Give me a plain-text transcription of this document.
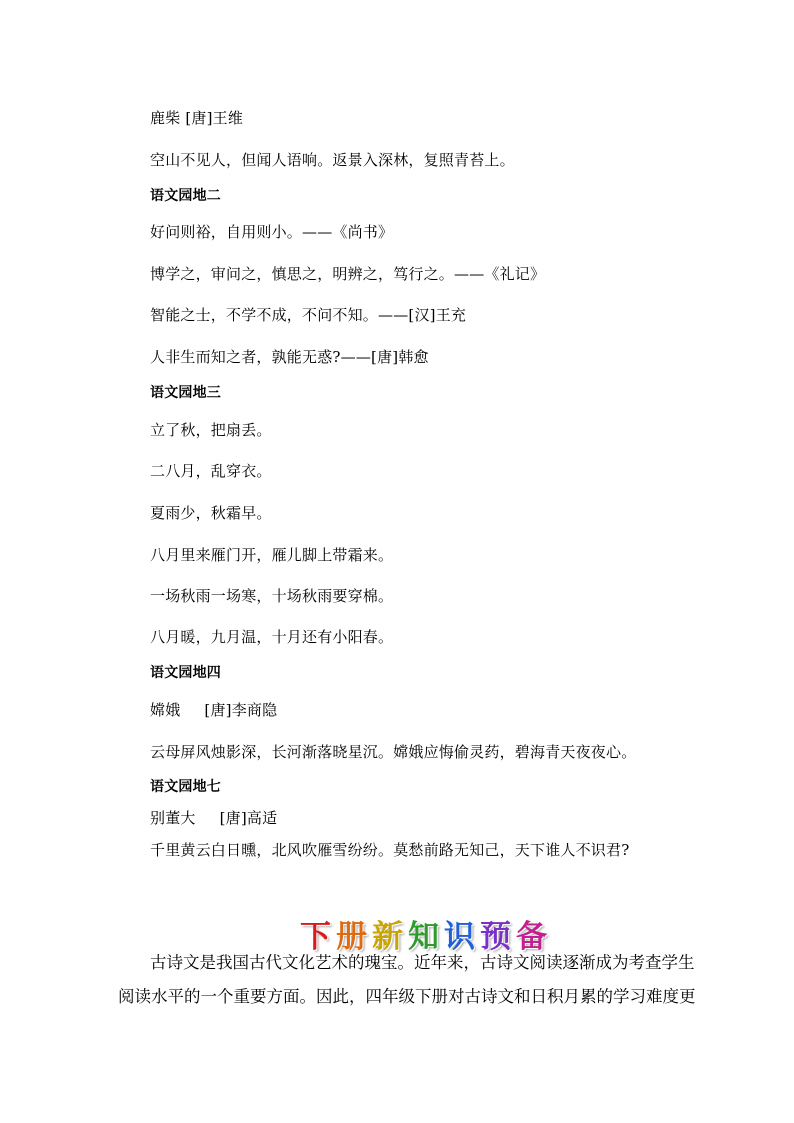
鹿柴 [唐]王维
空山不见人，但闻人语响。返景入深林，复照青苔上。
语文园地二
好问则裕，自用则小。——《尚书》
博学之，审问之，慎思之，明辨之，笃行之。——《礼记》
智能之士，不学不成，不问不知。——[汉]王充
人非生而知之者，孰能无惑?——[唐]韩愈
语文园地三
立了秋，把扇丢。
二八月，乱穿衣。
夏雨少，秋霜早。
八月里来雁门开，雁儿脚上带霜来。
一场秋雨一场寒，十场秋雨要穿棉。
八月暖，九月温，十月还有小阳春。
语文园地四
嫦娥 [唐]李商隐
云母屏风烛影深，长河渐落晓星沉。嫦娥应悔偷灵药，碧海青天夜夜心。
语文园地七
别董大 [唐]高适
千里黄云白日曛，北风吹雁雪纷纷。莫愁前路无知己，天下谁人不识君?
下 册 新 知 识 预 备
古诗文是我国古代文化艺术的瑰宝。近年来，古诗文阅读逐渐成为考查学生
阅读水平的一个重要方面。因此，四年级下册对古诗文和日积月累的学习难度更
